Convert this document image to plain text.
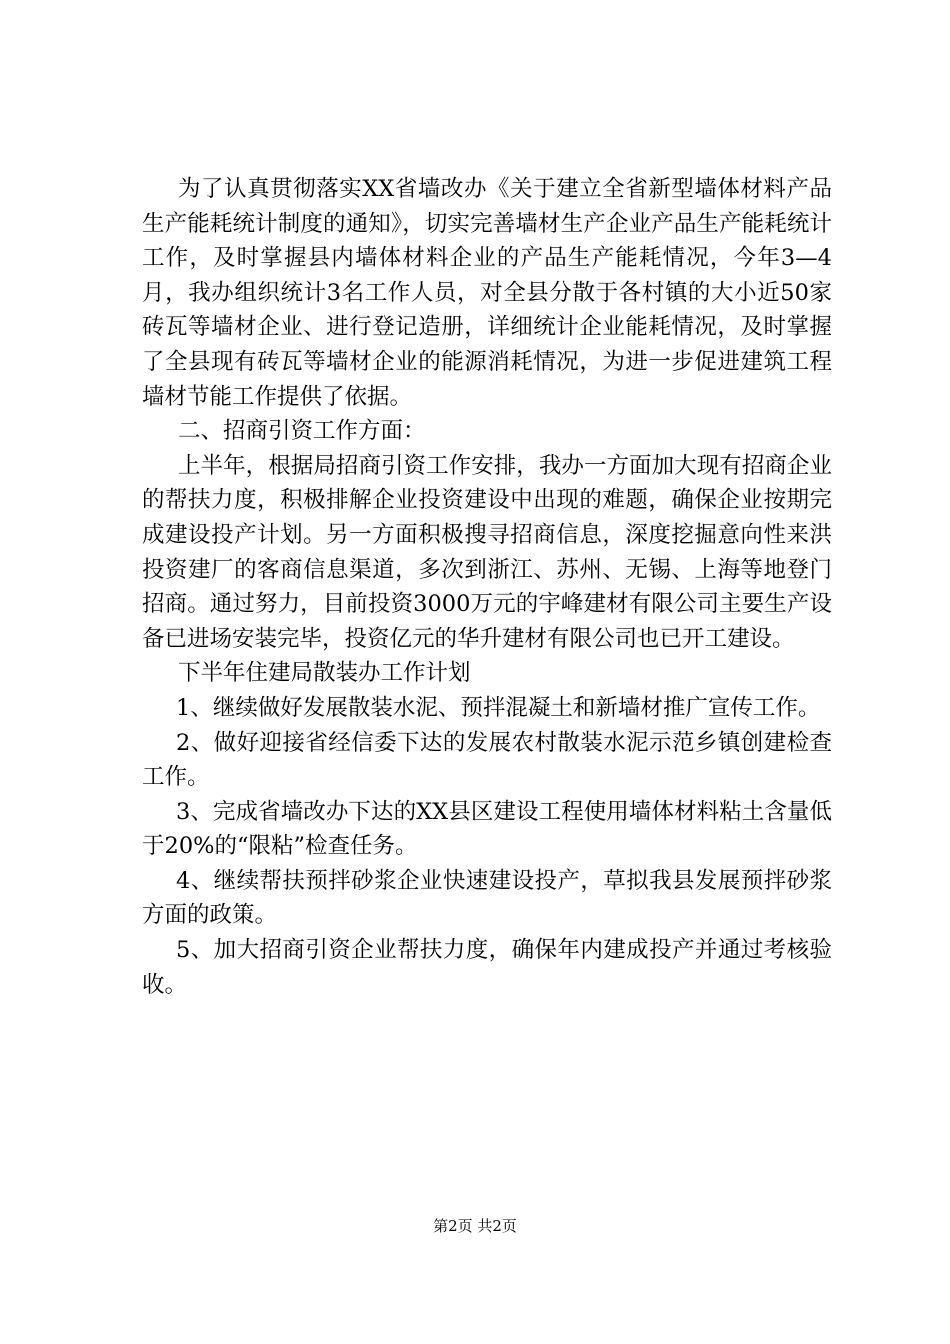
为了认真贯彻落实XX省墙改办《关于建立全省新型墙体材料产品生产能耗统计制度的通知》，切实完善墙材生产企业产品生产能耗统计工作，及时掌握县内墙体材料企业的产品生产能耗情况，今年3—4月，我办组织统计3名工作人员，对全县分散于各村镇的大小近50家砖瓦等墙材企业、进行登记造册，详细统计企业能耗情况，及时掌握了全县现有砖瓦等墙材企业的能源消耗情况，为进一步促进建筑工程墙材节能工作提供了依据。

二、招商引资工作方面：

上半年，根据局招商引资工作安排，我办一方面加大现有招商企业的帮扶力度，积极排解企业投资建设中出现的难题，确保企业按期完成建设投产计划。另一方面积极搜寻招商信息，深度挖掘意向性来洪投资建厂的客商信息渠道，多次到浙江、苏州、无锡、上海等地登门招商。通过努力，目前投资3000万元的宇峰建材有限公司主要生产设备已进场安装完毕，投资亿元的华升建材有限公司也已开工建设。

下半年住建局散装办工作计划

1、继续做好发展散装水泥、预拌混凝土和新墙材推广宣传工作。

2、做好迎接省经信委下达的发展农村散装水泥示范乡镇创建检查工作。

3、完成省墙改办下达的XX县区建设工程使用墙体材料粘土含量低于20%的“限粘”检查任务。

4、继续帮扶预拌砂浆企业快速建设投产，草拟我县发展预拌砂浆方面的政策。

5、加大招商引资企业帮扶力度，确保年内建成投产并通过考核验收。

第2页 共2页
